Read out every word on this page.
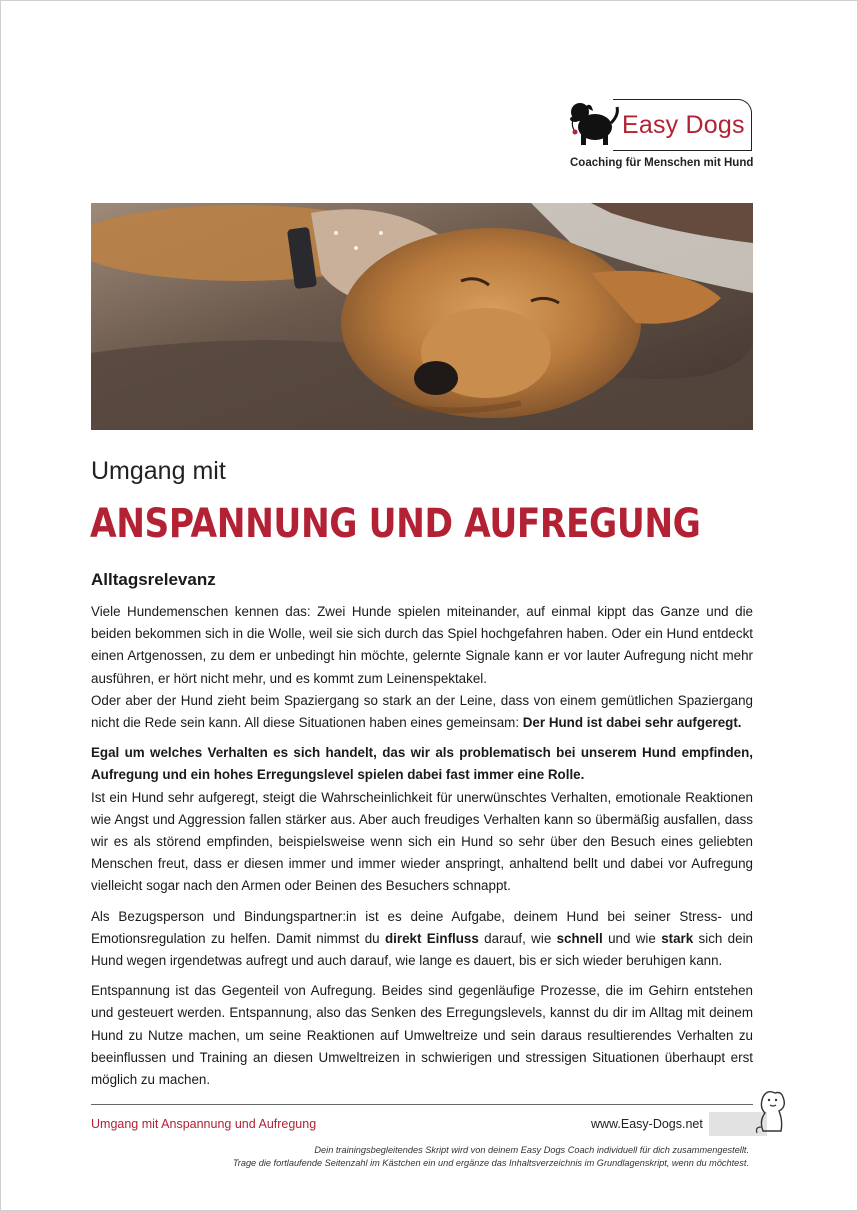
Easy Dogs
Coaching für Menschen mit Hund
Umgang mit
ANSPANNUNG UND AUFREGUNG
Alltagsrelevanz

Viele Hundemenschen kennen das: Zwei Hunde spielen miteinander, auf einmal kippt das Ganze und die beiden bekommen sich in die Wolle, weil sie sich durch das Spiel hochgefahren haben. Oder ein Hund entdeckt einen Artgenossen, zu dem er unbedingt hin möchte, gelernte Signale kann er vor lauter Aufregung nicht mehr ausführen, er hört nicht mehr, und es kommt zum Leinenspektakel.

Oder aber der Hund zieht beim Spaziergang so stark an der Leine, dass von einem gemütlichen Spaziergang nicht die Rede sein kann. All diese Situationen haben eines gemeinsam: Der Hund ist dabei sehr aufgeregt.

Egal um welches Verhalten es sich handelt, das wir als problematisch bei unserem Hund empfinden, Aufregung und ein hohes Erregungslevel spielen dabei fast immer eine Rolle.

Ist ein Hund sehr aufgeregt, steigt die Wahrscheinlichkeit für unerwünschtes Verhalten, emotionale Reaktionen wie Angst und Aggression fallen stärker aus. Aber auch freudiges Verhalten kann so übermäßig ausfallen, dass wir es als störend empfinden, beispielsweise wenn sich ein Hund so sehr über den Besuch eines geliebten Menschen freut, dass er diesen immer und immer wieder anspringt, anhaltend bellt und dabei vor Aufregung vielleicht sogar nach den Armen oder Beinen des Besuchers schnappt.

Als Bezugsperson und Bindungspartner:in ist es deine Aufgabe, deinem Hund bei seiner Stress- und Emotionsregulation zu helfen. Damit nimmst du direkt Einfluss darauf, wie schnell und wie stark sich dein Hund wegen irgendetwas aufregt und auch darauf, wie lange es dauert, bis er sich wieder beruhigen kann.

Entspannung ist das Gegenteil von Aufregung. Beides sind gegenläufige Prozesse, die im Gehirn entstehen und gesteuert werden. Entspannung, also das Senken des Erregungslevels, kannst du dir im Alltag mit deinem Hund zu Nutze machen, um seine Reaktionen auf Umweltreize und sein daraus resultierendes Verhalten zu beeinflussen und Training an diesen Umweltreizen in schwierigen und stressigen Situationen überhaupt erst möglich zu machen.

Umgang mit Anspannung und Aufregung	www.Easy-Dogs.net
Dein trainingsbegleitendes Skript wird von deinem Easy Dogs Coach individuell für dich zusammengestellt.
Trage die fortlaufende Seitenzahl im Kästchen ein und ergänze das Inhaltsverzeichnis im Grundlagenskript, wenn du möchtest.
